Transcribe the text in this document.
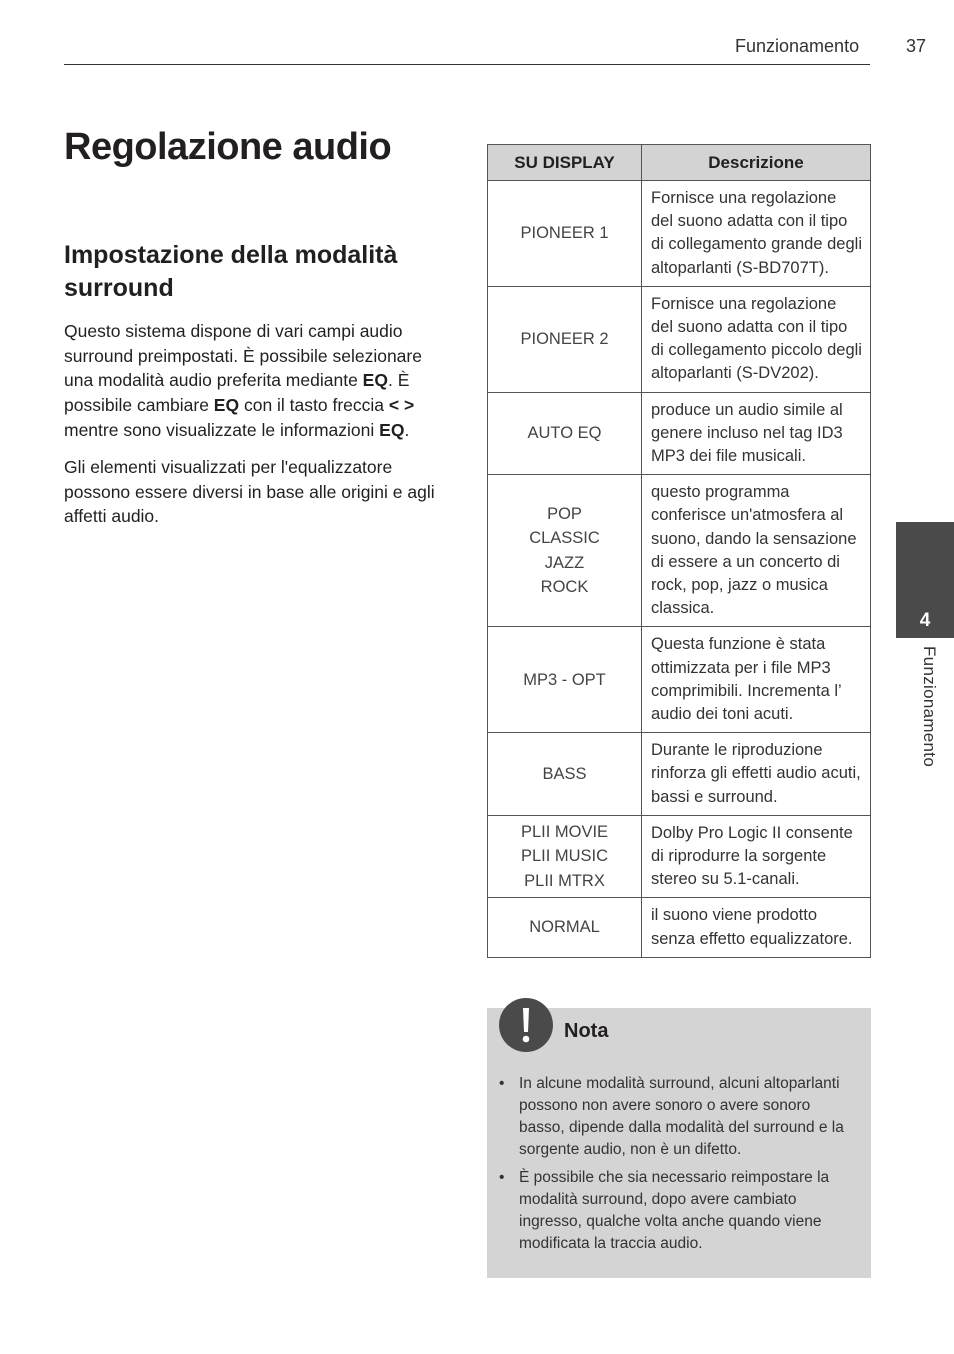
Funzionamento	37
Regolazione audio
Impostazione della modalità surround

Questo sistema dispone di vari campi audio surround preimpostati. È possibile selezionare una modalità audio preferita mediante EQ. È possibile cambiare EQ con il tasto freccia < > mentre sono visualizzate le informazioni EQ.

Gli elementi visualizzati per l'equalizzatore possono essere diversi in base alle origini e agli affetti audio.

SU DISPLAY	Descrizione

PIONEER 1	Fornisce una regolazione del suono adatta con il tipo di collegamento grande degli altoparlanti (S-BD707T).

PIONEER 2	Fornisce una regolazione del suono adatta con il tipo di collegamento piccolo degli altoparlanti (S-DV202).

AUTO EQ	produce un audio simile al genere incluso nel tag ID3 MP3 dei file musicali.

POP
CLASSIC
JAZZ
ROCK	questo programma conferisce un'atmosfera al suono, dando la sensazione di essere a un concerto di rock, pop, jazz o musica classica.

MP3 - OPT	Questa funzione è stata ottimizzata per i file MP3 comprimibili. Incrementa l’ audio dei toni acuti.

BASS	Durante le riproduzione rinforza gli effetti audio acuti, bassi e surround.

PLII MOVIE
PLII MUSIC
PLII MTRX	Dolby Pro Logic II consente di riprodurre la sorgente stereo su 5.1-canali.

NORMAL	il suono viene prodotto senza effetto equalizzatore.
Nota
• In alcune modalità surround, alcuni altoparlanti possono non avere sonoro o avere sonoro basso, dipende dalla modalità del surround e la sorgente audio, non è un difetto.
• È possibile che sia necessario reimpostare la modalità surround, dopo avere cambiato ingresso, qualche volta anche quando viene modificata la traccia audio.
4
Funzionamento
